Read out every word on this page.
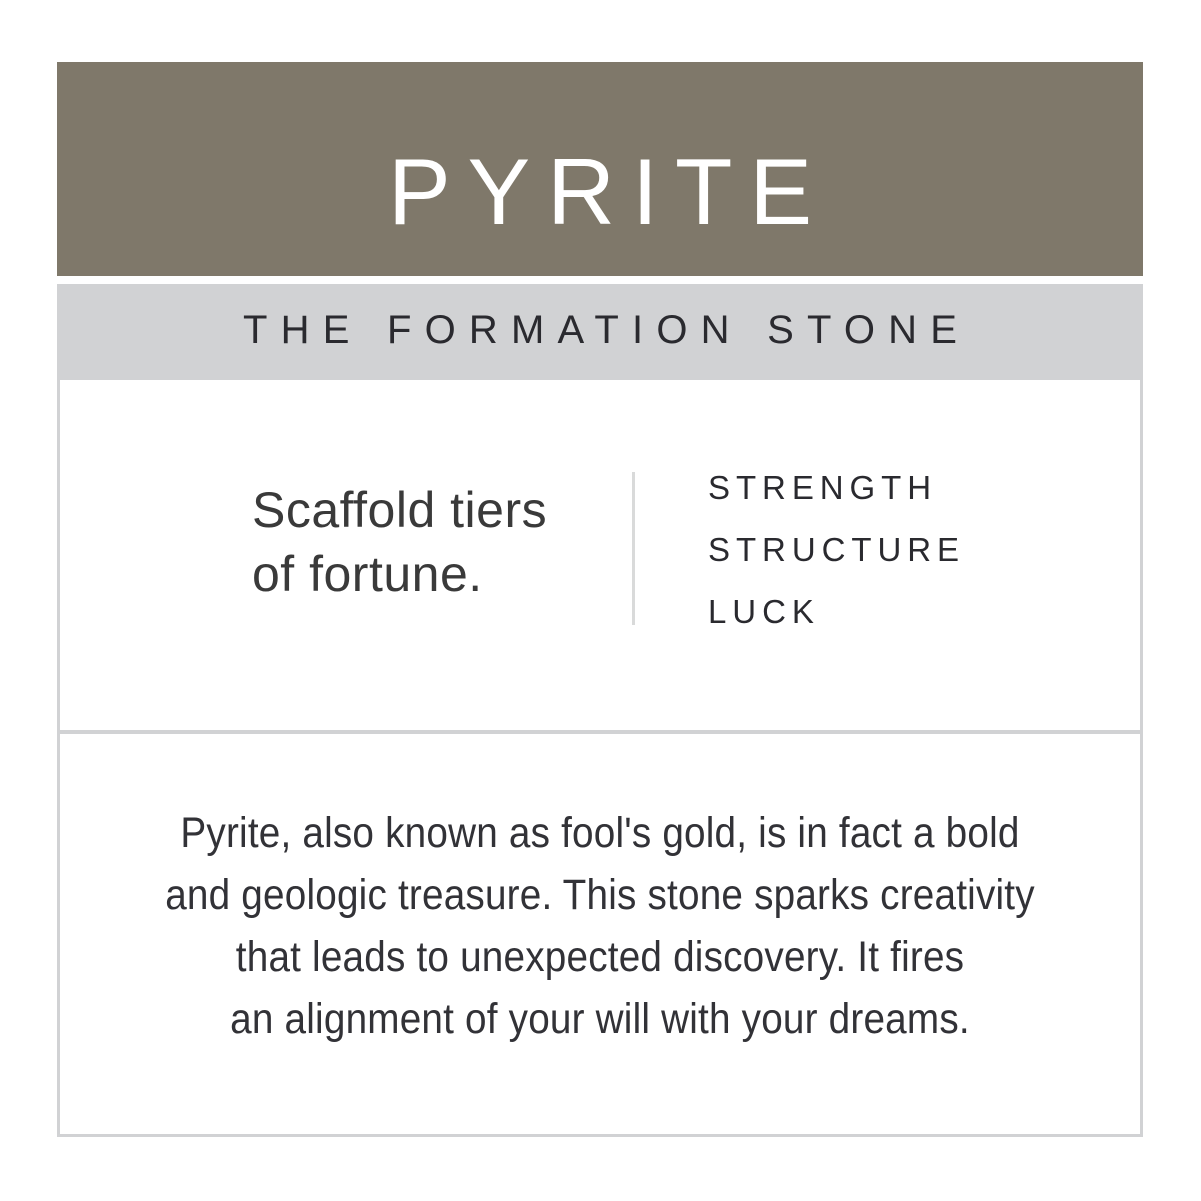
PYRITE
THE FORMATION STONE
Scaffold tiers
of fortune.
STRENGTH
STRUCTURE
LUCK
Pyrite, also known as fool's gold, is in fact a bold
and geologic treasure. This stone sparks creativity
that leads to unexpected discovery. It fires
an alignment of your will with your dreams.
